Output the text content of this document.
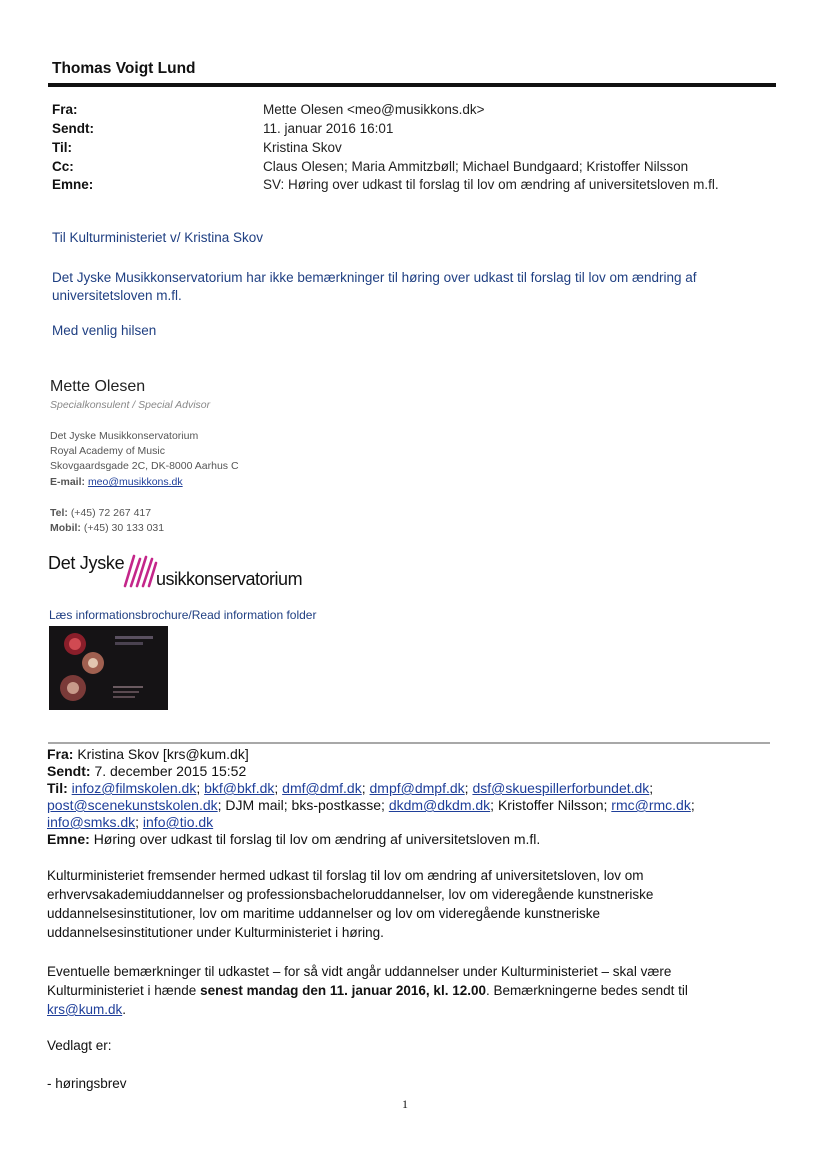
Thomas Voigt Lund
Fra:	Mette Olesen <meo@musikkons.dk>
Sendt:	11. januar 2016 16:01
Til:	Kristina Skov
Cc:	Claus Olesen; Maria Ammitzbøll; Michael Bundgaard; Kristoffer Nilsson
Emne:	SV: Høring over udkast til forslag til lov om ændring af universitetsloven m.fl.
Til Kulturministeriet v/ Kristina Skov
Det Jyske Musikkonservatorium har ikke bemærkninger til høring over udkast til forslag til lov om ændring af universitetsloven m.fl.
Med venlig hilsen
Mette Olesen
Specialkonsulent / Special Advisor
Det Jyske Musikkonservatorium
Royal Academy of Music
Skovgaardsgade 2C, DK-8000 Aarhus C
E-mail: meo@musikkons.dk
Tel: (+45) 72 267 417
Mobil: (+45) 30 133 031
Det Jyske
usikkonservatorium
Læs informationsbrochure/Read information folder
Fra: Kristina Skov [krs@kum.dk]
Sendt: 7. december 2015 15:52
Til: infoz@filmskolen.dk; bkf@bkf.dk; dmf@dmf.dk; dmpf@dmpf.dk; dsf@skuespillerforbundet.dk;
post@scenekunstskolen.dk; DJM mail; bks-postkasse; dkdm@dkdm.dk; Kristoffer Nilsson; rmc@rmc.dk;
info@smks.dk; info@tio.dk
Emne: Høring over udkast til forslag til lov om ændring af universitetsloven m.fl.
Kulturministeriet fremsender hermed udkast til forslag til lov om ændring af universitetsloven, lov om erhvervsakademiuddannelser og professionsbacheloruddannelser, lov om videregående kunstneriske uddannelsesinstitutioner, lov om maritime uddannelser og lov om videregående kunstneriske uddannelsesinstitutioner under Kulturministeriet i høring.
Eventuelle bemærkninger til udkastet – for så vidt angår uddannelser under Kulturministeriet – skal være Kulturministeriet i hænde senest mandag den 11. januar 2016, kl. 12.00. Bemærkningerne bedes sendt til krs@kum.dk.
Vedlagt er:
- høringsbrev
1
